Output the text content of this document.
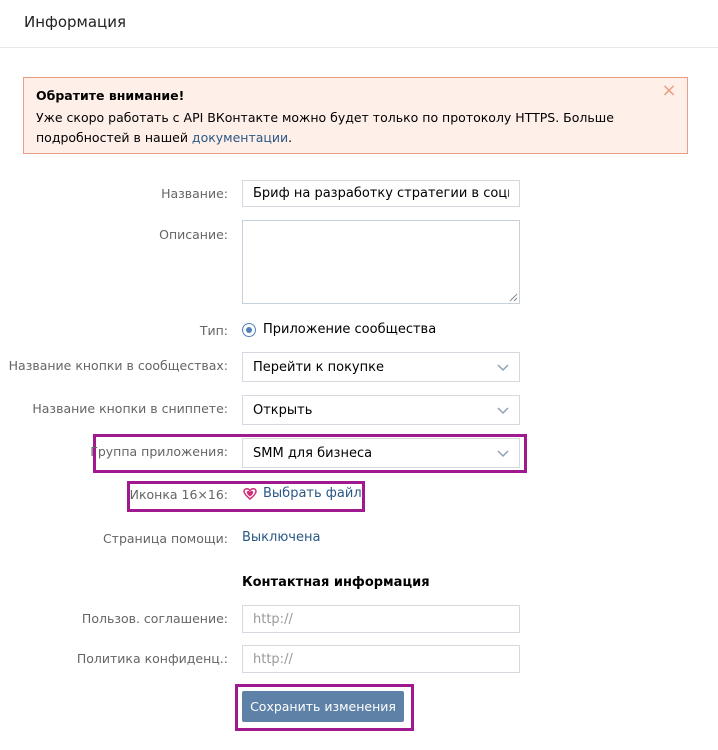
Информация
Обратите внимание!
Уже скоро работать с API ВКонтакте можно будет только по протоколу HTTPS. Больше подробностей в нашей документации.
×
Название:
Бриф на разработку стратегии в социальн
Описание:
Тип:	Приложение сообщества
Название кнопки в сообществах: Перейти к покупке
Название кнопки в сниппете: Открыть
Группа приложения: SMM для бизнеса
Иконка 16×16:	Выбрать файл
Страница помощи: Выключена
Контактная информация
Пользов. соглашение:
http://
Политика конфиденц.:
http://
Сохранить изменения
